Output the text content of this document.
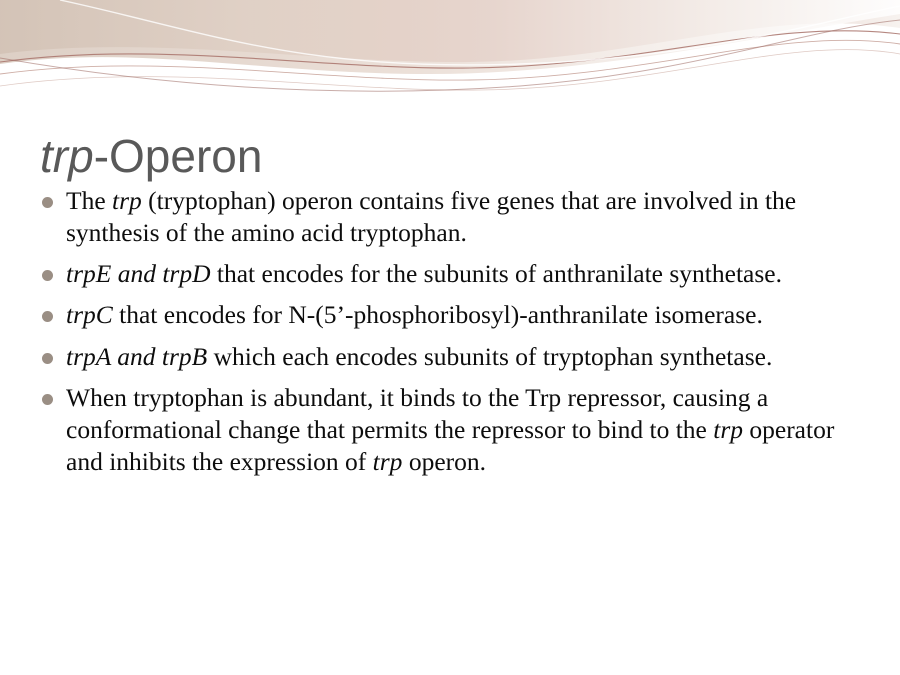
trp-Operon
The trp (tryptophan) operon contains five genes that are involved in the synthesis of the amino acid tryptophan.
trpE and trpD that encodes for the subunits of anthranilate synthetase.
trpC that encodes for N-(5’-phosphoribosyl)-anthranilate isomerase.
trpA and trpB which each encodes subunits of tryptophan synthetase.
When tryptophan is abundant, it binds to the Trp repressor, causing a conformational change that permits the repressor to bind to the trp operator and inhibits the expression of trp operon.
